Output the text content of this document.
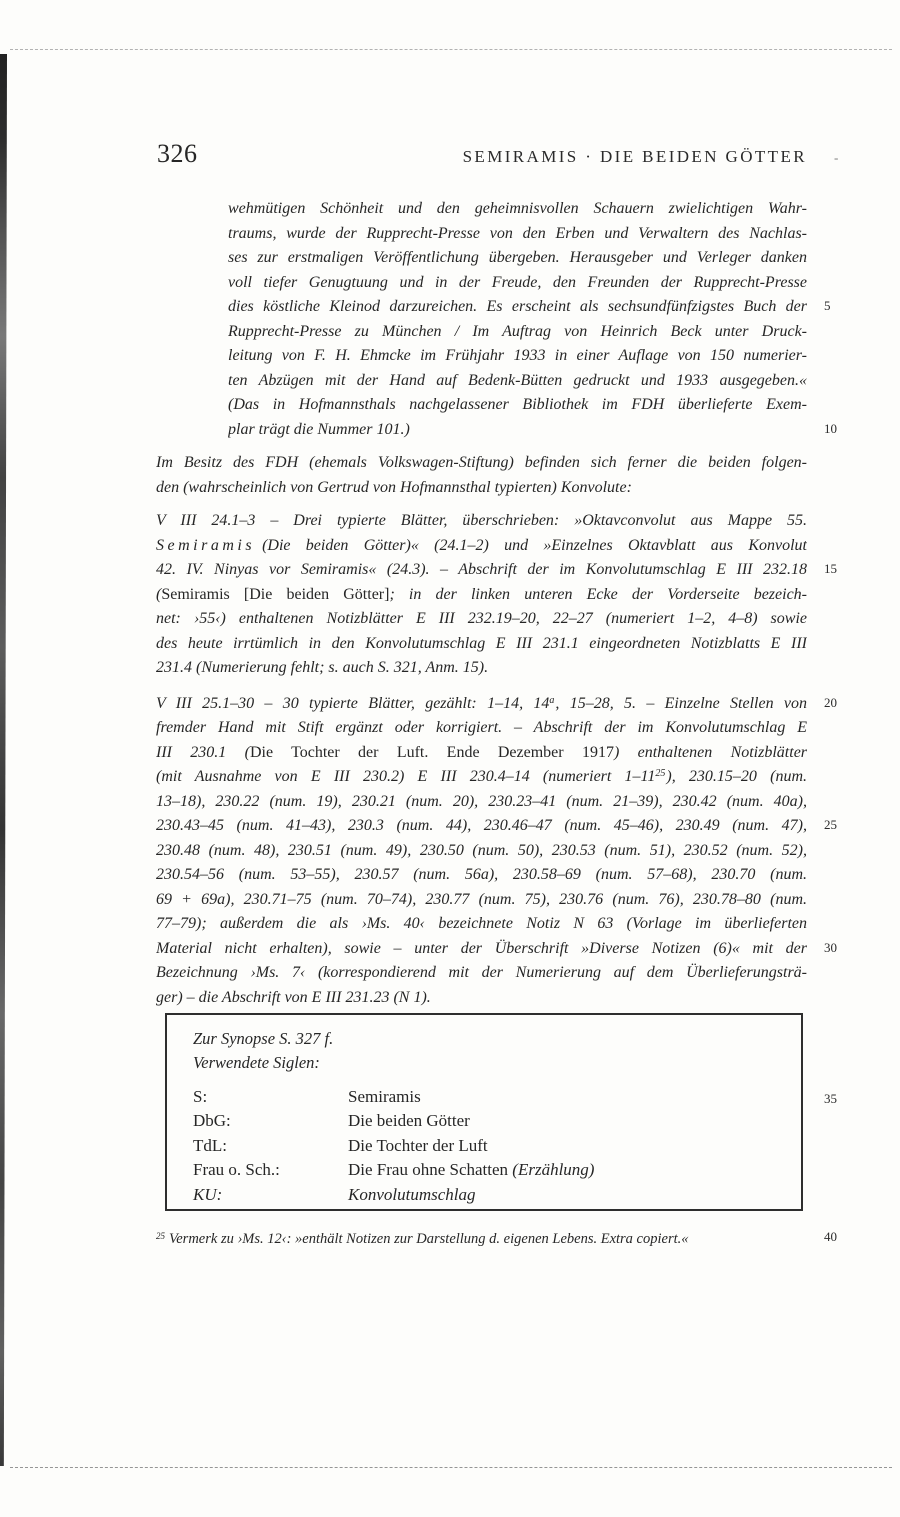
-
326	SEMIRAMIS · DIE BEIDEN GÖTTER
wehmütigen Schönheit und den geheimnisvollen Schauern zwielichtigen Wahr-
traums, wurde der Rupprecht-Presse von den Erben und Verwaltern des Nachlas-
ses zur erstmaligen Veröffentlichung übergeben. Herausgeber und Verleger danken
voll tiefer Genugtuung und in der Freude, den Freunden der Rupprecht-Presse
dies köstliche Kleinod darzureichen. Es erscheint als sechsundfünfzigstes Buch der 5
Rupprecht-Presse zu München / Im Auftrag von Heinrich Beck unter Druck-
leitung von F. H. Ehmcke im Frühjahr 1933 in einer Auflage von 150 numerier-
ten Abzügen mit der Hand auf Bedenk-Bütten gedruckt und 1933 ausgegeben.«
(Das in Hofmannsthals nachgelassener Bibliothek im FDH überlieferte Exem-
plar trägt die Nummer 101.)	10
Im Besitz des FDH (ehemals Volkswagen-Stiftung) befinden sich ferner die beiden folgen-
den (wahrscheinlich von Gertrud von Hofmannsthal typierten) Konvolute:
V III 24.1–3 – Drei typierte Blätter, überschrieben: »Oktavconvolut aus Mappe 55.
Semiramis (Die beiden Götter)« (24.1–2) und »Einzelnes Oktavblatt aus Konvolut
42. IV. Ninyas vor Semiramis« (24.3). – Abschrift der im Konvolutumschlag E III 232.18 15
(Semiramis [Die beiden Götter]; in der linken unteren Ecke der Vorderseite bezeich-
net: ›55‹) enthaltenen Notizblätter E III 232.19–20, 22–27 (numeriert 1–2, 4–8) sowie
des heute irrtümlich in den Konvolutumschlag E III 231.1 eingeordneten Notizblatts E III
231.4 (Numerierung fehlt; s. auch S. 321, Anm. 15).
V III 25.1–30 – 30 typierte Blätter, gezählt: 1–14, 14$^a$, 15–28, 5. – Einzelne Stellen von 20
fremder Hand mit Stift ergänzt oder korrigiert. – Abschrift der im Konvolutumschlag E
III 230.1 (Die Tochter der Luft. Ende Dezember 1917) enthaltenen Notizblätter
(mit Ausnahme von E III 230.2) E III 230.4–14 (numeriert $1-11^{25}$), 230.15–20 (num.
13–18), 230.22 (num. 19), 230.21 (num. 20), 230.23–41 (num. 21–39), 230.42 (num. 40a),
230.43–45 (num. 41–43), 230.3 (num. 44), 230.46–47 (num. 45–46), 230.49 (num. 47), 25
230.48 (num. 48), 230.51 (num. 49), 230.50 (num. 50), 230.53 (num. 51), 230.52 (num. 52),
230.54–56 (num. 53–55), 230.57 (num. 56a), 230.58–69 (num. 57–68), 230.70 (num.
69 + 69a), 230.71–75 (num. 70–74), 230.77 (num. 75), 230.76 (num. 76), 230.78–80 (num.
77–79); außerdem die als ›Ms. 40‹ bezeichnete Notiz N 63 (Vorlage im überlieferten
Material nicht erhalten), sowie – unter der Überschrift »Diverse Notizen (6)« mit der 30
Bezeichnung ›Ms. 7‹ (korrespondierend mit der Numerierung auf dem Überlieferungsträ-
ger) – die Abschrift von E III 231.23 (N 1).
Zur Synopse S. 327 f.
Verwendete Siglen:
S:	Semiramis	35
DbG:	Die beiden Götter
TdL:	Die Tochter der Luft
Frau o. Sch.:	Die Frau ohne Schatten (Erzählung)
KU:	Konvolutumschlag
$^{25}$ Vermerk zu ›Ms. 12‹: »enthält Notizen zur Darstellung d. eigenen Lebens. Extra copiert.«	40
